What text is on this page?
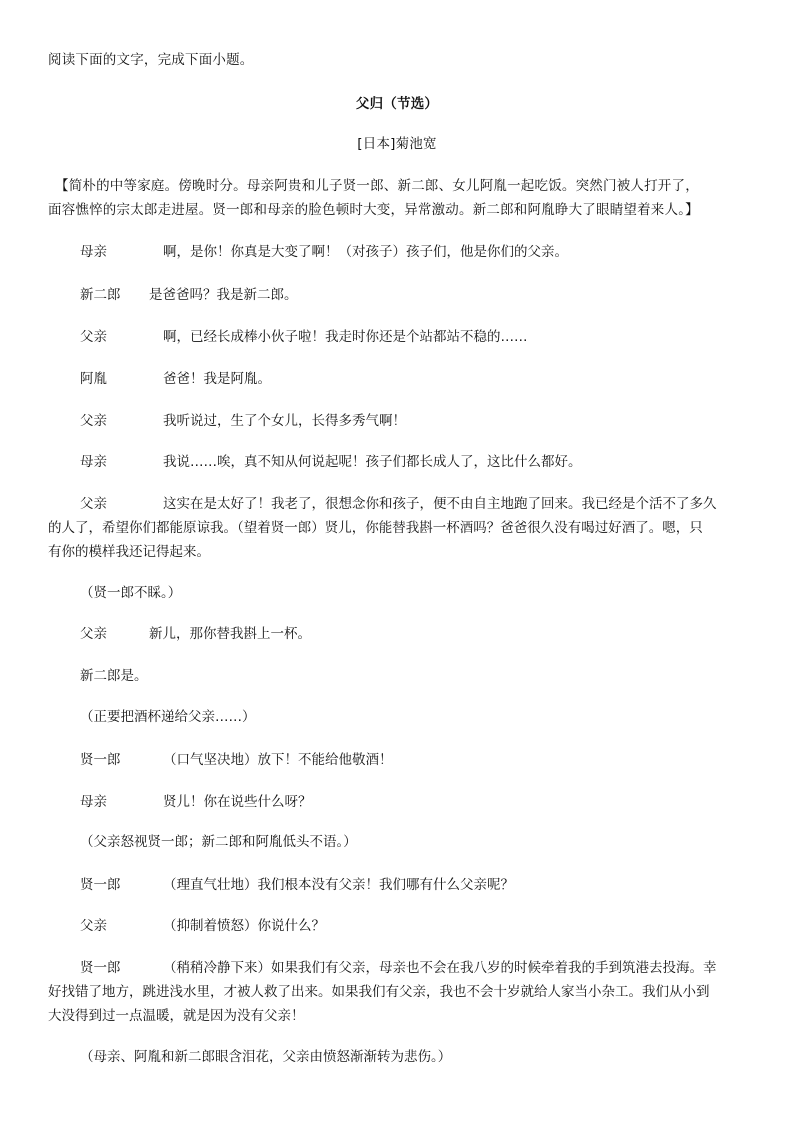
阅读下面的文字，完成下面小题。
父归（节选）
[日本]菊池宽
【简朴的中等家庭。傍晚时分。母亲阿贵和儿子贤一郎、新二郎、女儿阿胤一起吃饭。突然门被人打开了，
面容憔悴的宗太郎走进屋。贤一郎和母亲的脸色顿时大变，异常激动。新二郎和阿胤睁大了眼睛望着来人。】
母亲	啊，是你！你真是大变了啊！（对孩子）孩子们，他是你们的父亲。
新二郎 是爸爸吗？我是新二郎。
父亲	啊，已经长成棒小伙子啦！我走时你还是个站都站不稳的……
阿胤	爸爸！我是阿胤。
父亲	我听说过，生了个女儿，长得多秀气啊！
母亲	我说……唉，真不知从何说起呢！孩子们都长成人了，这比什么都好。
父亲	这实在是太好了！我老了，很想念你和孩子，便不由自主地跑了回来。我已经是个活不了多久
的人了，希望你们都能原谅我。（望着贤一郎）贤儿，你能替我斟一杯酒吗？爸爸很久没有喝过好酒了。嗯，只
有你的模样我还记得起来。
（贤一郎不睬。）
父亲	新儿，那你替我斟上一杯。
新二郎是。
（正要把酒杯递给父亲……）
贤一郎	（口气坚决地）放下！不能给他敬酒！
母亲	贤儿！你在说些什么呀？
（父亲怒视贤一郎；新二郎和阿胤低头不语。）
贤一郎	（理直气壮地）我们根本没有父亲！我们哪有什么父亲呢？
父亲	（抑制着愤怒）你说什么？
贤一郎	（稍稍冷静下来）如果我们有父亲，母亲也不会在我八岁的时候牵着我的手到筑港去投海。幸
好找错了地方，跳进浅水里，才被人救了出来。如果我们有父亲，我也不会十岁就给人家当小杂工。我们从小到
大没得到过一点温暖，就是因为没有父亲！
（母亲、阿胤和新二郎眼含泪花，父亲由愤怒渐渐转为悲伤。）
